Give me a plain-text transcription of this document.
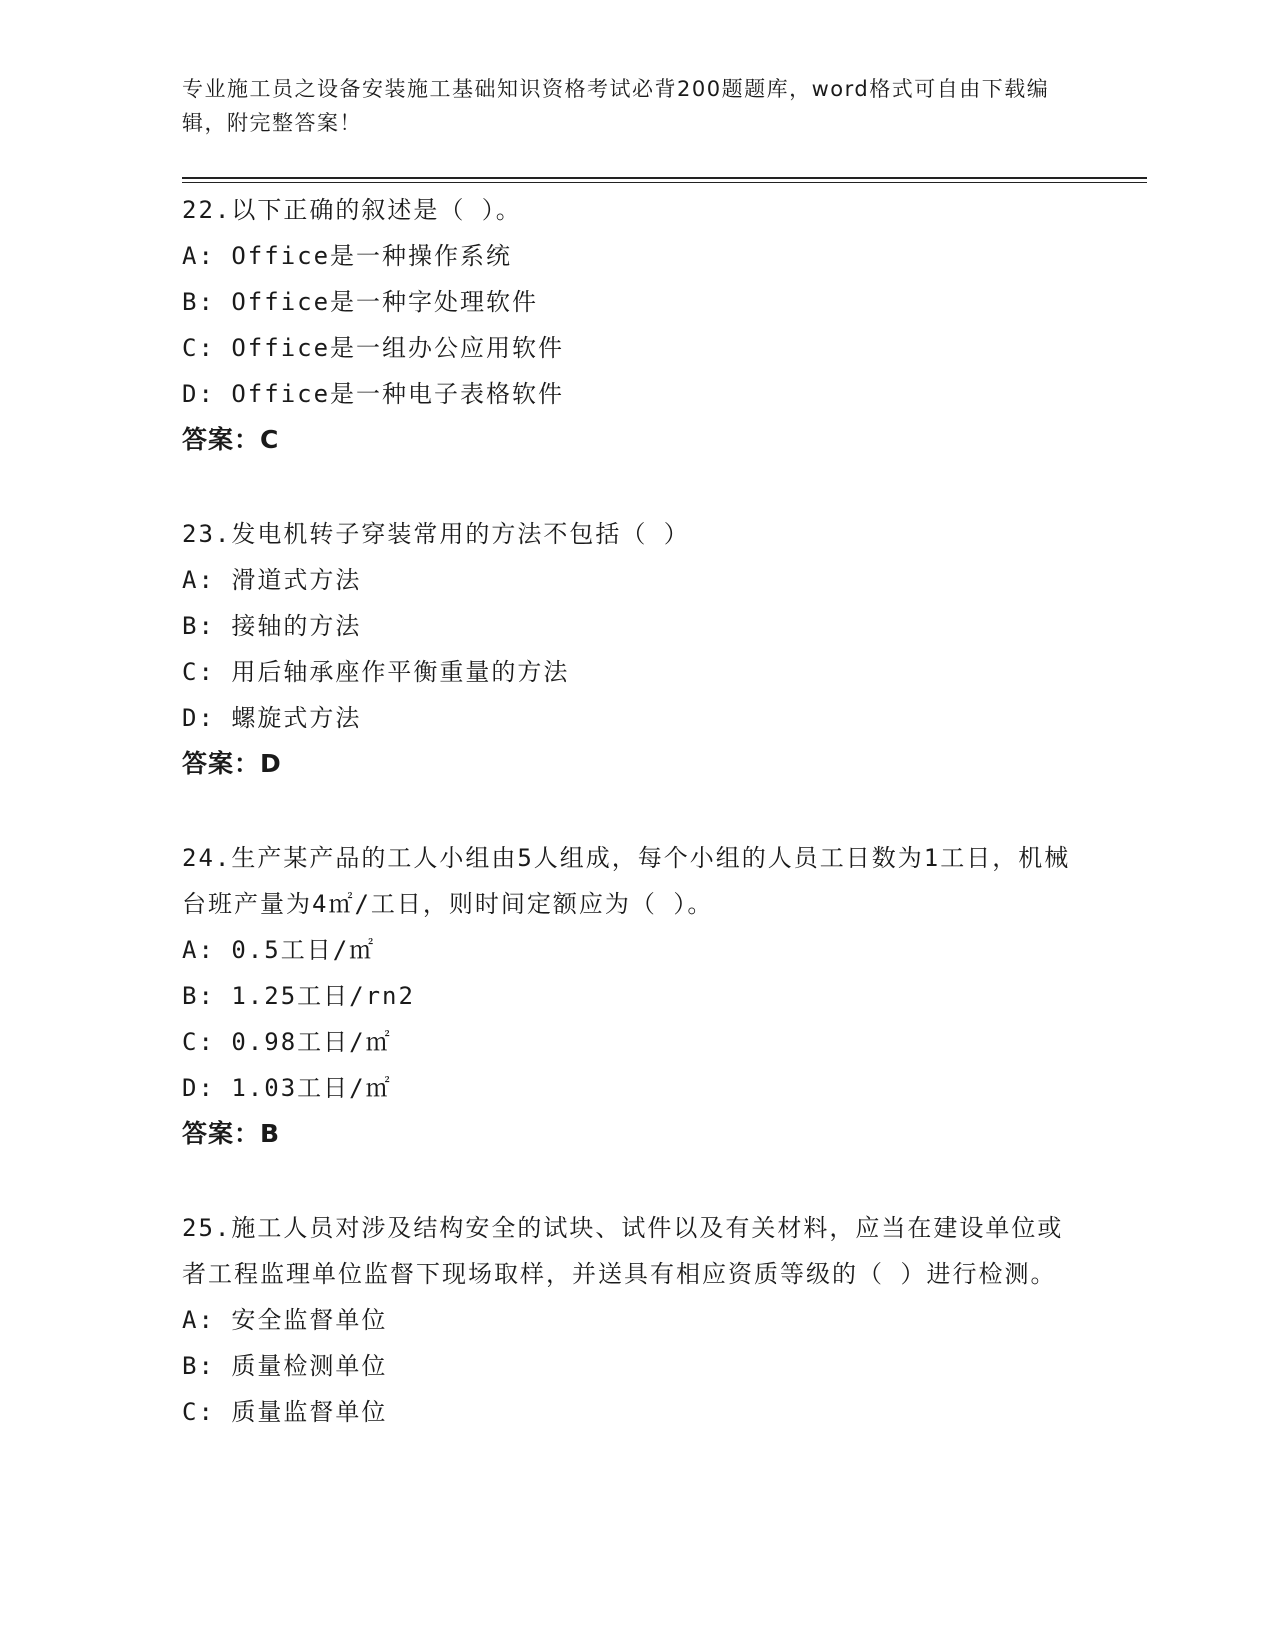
专业施工员之设备安装施工基础知识资格考试必背200题题库，word格式可自由下载编辑，附完整答案！
22.以下正确的叙述是（ ）。
A: Office是一种操作系统
B: Office是一种字处理软件
C: Office是一组办公应用软件
D: Office是一种电子表格软件
答案：C
23.发电机转子穿装常用的方法不包括（ ）
A: 滑道式方法
B: 接轴的方法
C: 用后轴承座作平衡重量的方法
D: 螺旋式方法
答案：D
24.生产某产品的工人小组由5人组成，每个小组的人员工日数为1工日，机械台班产量为4㎡/工日，则时间定额应为（ ）。
A: 0.5工日/㎡
B: 1.25工日/rn2
C: 0.98工日/㎡
D: 1.03工日/㎡
答案：B
25.施工人员对涉及结构安全的试块、试件以及有关材料，应当在建设单位或者工程监理单位监督下现场取样，并送具有相应资质等级的（ ）进行检测。
A: 安全监督单位
B: 质量检测单位
C: 质量监督单位
